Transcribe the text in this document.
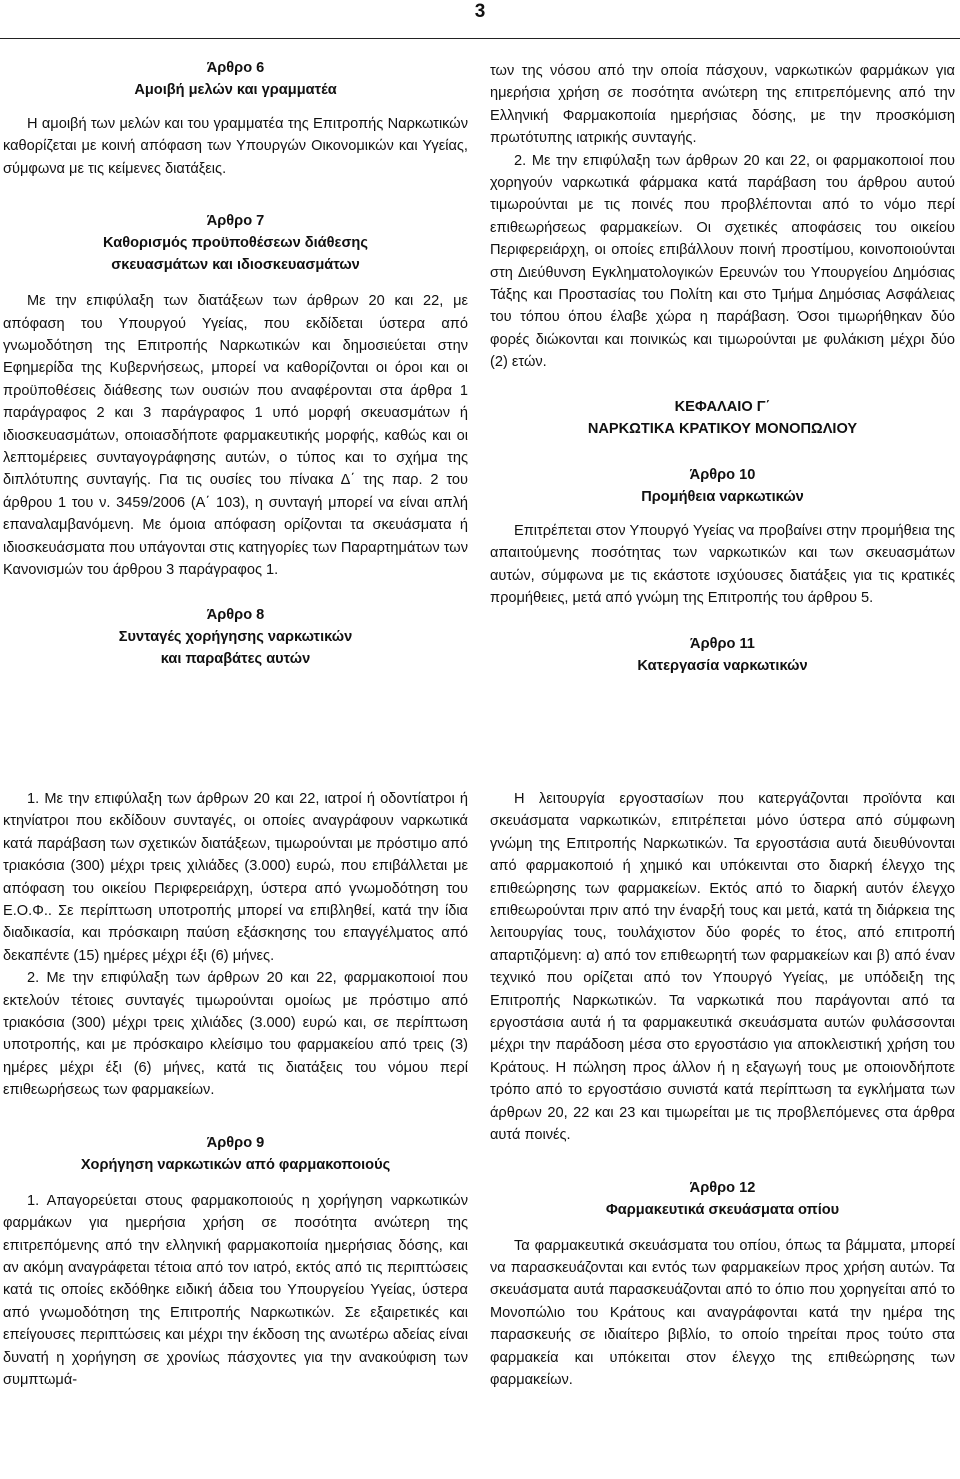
3
Άρθρο 6
Αμοιβή μελών και γραμματέα

Η αμοιβή των μελών και του γραμματέα της Επιτροπής Ναρκωτικών καθορίζεται με κοινή απόφαση των Υπουργών Οικονομικών και Υγείας, σύμφωνα με τις κείμενες διατάξεις.

Άρθρο 7
Καθορισμός προϋποθέσεων διάθεσης
σκευασμάτων και ιδιοσκευασμάτων

Με την επιφύλαξη των διατάξεων των άρθρων 20 και 22, με απόφαση του Υπουργού Υγείας, που εκδίδεται ύστερα από γνωμοδότηση της Επιτροπής Ναρκωτικών και δημοσιεύεται στην Εφημερίδα της Κυβερνήσεως, μπορεί να καθορίζονται οι όροι και οι προϋποθέσεις διάθεσης των ουσιών που αναφέρονται στα άρθρα 1 παράγραφος 2 και 3 παράγραφος 1 υπό μορφή σκευασμάτων ή ιδιοσκευασμάτων, οποιασδήποτε φαρμακευτικής μορφής, καθώς και οι λεπτομέρειες συνταγογράφησης αυτών, ο τύπος και το σχήμα της διπλότυπης συνταγής. Για τις ουσίες του πίνακα Δ΄ της παρ. 2 του άρθρου 1 του ν. 3459/2006 (Α΄ 103), η συνταγή μπορεί να είναι απλή επαναλαμβανόμενη. Με όμοια απόφαση ορίζονται τα σκευάσματα ή ιδιοσκευάσματα που υπάγονται στις κατηγορίες των Παραρτημάτων των Κανονισμών του άρθρου 3 παράγραφος 1.

Άρθρο 8
Συνταγές χορήγησης ναρκωτικών
και παραβάτες αυτών

1. Με την επιφύλαξη των άρθρων 20 και 22, ιατροί ή οδοντίατροι ή κτηνίατροι που εκδίδουν συνταγές, οι οποίες αναγράφουν ναρκωτικά κατά παράβαση των σχετικών διατάξεων, τιμωρούνται με πρόστιμο από τριακόσια (300) μέχρι τρεις χιλιάδες (3.000) ευρώ, που επιβάλλεται με απόφαση του οικείου Περιφερειάρχη, ύστερα από γνωμοδότηση του Ε.Ο.Φ.. Σε περίπτωση υποτροπής μπορεί να επιβληθεί, κατά την ίδια διαδικασία, και πρόσκαιρη παύση εξάσκησης του επαγγέλματος από δεκαπέντε (15) ημέρες μέχρι έξι (6) μήνες.

2. Με την επιφύλαξη των άρθρων 20 και 22, φαρμακοποιοί που εκτελούν τέτοιες συνταγές τιμωρούνται ομοίως με πρόστιμο από τριακόσια (300) μέχρι τρεις χιλιάδες (3.000) ευρώ και, σε περίπτωση υποτροπής, και με πρόσκαιρο κλείσιμο του φαρμακείου από τρεις (3) ημέρες μέχρι έξι (6) μήνες, κατά τις διατάξεις του νόμου περί επιθεωρήσεως των φαρμακείων.

Άρθρο 9
Χορήγηση ναρκωτικών από φαρμακοποιούς

1. Απαγορεύεται στους φαρμακοποιούς η χορήγηση ναρκωτικών φαρμάκων για ημερήσια χρήση σε ποσότητα ανώτερη της επιτρεπόμενης από την ελληνική φαρμακοποιία ημερήσιας δόσης, και αν ακόμη αναγράφεται τέτοια από τον ιατρό, εκτός από τις περιπτώσεις κατά τις οποίες εκδόθηκε ειδική άδεια του Υπουργείου Υγείας, ύστερα από γνωμοδότηση της Επιτροπής Ναρκωτικών. Σε εξαιρετικές και επείγουσες περιπτώσεις και μέχρι την έκδοση της ανωτέρω αδείας είναι δυνατή η χορήγηση σε χρονίως πάσχοντες για την ανακούφιση των συμπτωμά-

των της νόσου από την οποία πάσχουν, ναρκωτικών φαρμάκων για ημερήσια χρήση σε ποσότητα ανώτερη της επιτρεπόμενης από την Ελληνική Φαρμακοποιία ημερήσιας δόσης, με την προσκόμιση πρωτότυπης ιατρικής συνταγής.

2. Με την επιφύλαξη των άρθρων 20 και 22, οι φαρμακοποιοί που χορηγούν ναρκωτικά φάρμακα κατά παράβαση του άρθρου αυτού τιμωρούνται με τις ποινές που προβλέπονται από το νόμο περί επιθεωρήσεως φαρμακείων. Οι σχετικές αποφάσεις του οικείου Περιφερειάρχη, οι οποίες επιβάλλουν ποινή προστίμου, κοινοποιούνται στη Διεύθυνση Εγκληματολογικών Ερευνών του Υπουργείου Δημόσιας Τάξης και Προστασίας του Πολίτη και στο Τμήμα Δημόσιας Ασφάλειας του τόπου όπου έλαβε χώρα η παράβαση. Όσοι τιμωρήθηκαν δύο φορές διώκονται και ποινικώς και τιμωρούνται με φυλάκιση μέχρι δύο (2) ετών.

ΚΕΦΑΛΑΙΟ Γ΄
ΝΑΡΚΩΤΙΚΑ ΚΡΑΤΙΚΟΥ ΜΟΝΟΠΩΛΙΟΥ
Άρθρο 10
Προμήθεια ναρκωτικών

Επιτρέπεται στον Υπουργό Υγείας να προβαίνει στην προμήθεια της απαιτούμενης ποσότητας των ναρκωτικών και των σκευασμάτων αυτών, σύμφωνα με τις εκάστοτε ισχύουσες διατάξεις για τις κρατικές προμήθειες, μετά από γνώμη της Επιτροπής του άρθρου 5.

Άρθρο 11
Κατεργασία ναρκωτικών

Η λειτουργία εργοστασίων που κατεργάζονται προϊόντα και σκευάσματα ναρκωτικών, επιτρέπεται μόνο ύστερα από σύμφωνη γνώμη της Επιτροπής Ναρκωτικών. Τα εργοστάσια αυτά διευθύνονται από φαρμακοποιό ή χημικό και υπόκεινται στο διαρκή έλεγχο της επιθεώρησης των φαρμακείων. Εκτός από το διαρκή αυτόν έλεγχο επιθεωρούνται πριν από την έναρξή τους και μετά, κατά τη διάρκεια της λειτουργίας τους, τουλάχιστον δύο φορές το έτος, από επιτροπή απαρτιζόμενη: α) από τον επιθεωρητή των φαρμακείων και β) από έναν τεχνικό που ορίζεται από τον Υπουργό Υγείας, με υπόδειξη της Επιτροπής Ναρκωτικών. Τα ναρκωτικά που παράγονται από τα εργοστάσια αυτά ή τα φαρμακευτικά σκευάσματα αυτών φυλάσσονται μέχρι την παράδοση μέσα στο εργοστάσιο για αποκλειστική χρήση του Κράτους. Η πώληση προς άλλον ή η εξαγωγή τους με οποιονδήποτε τρόπο από το εργοστάσιο συνιστά κατά περίπτωση τα εγκλήματα των άρθρων 20, 22 και 23 και τιμωρείται με τις προβλεπόμενες στα άρθρα αυτά ποινές.

Άρθρο 12
Φαρμακευτικά σκευάσματα οπίου

Τα φαρμακευτικά σκευάσματα του οπίου, όπως τα βάμματα, μπορεί να παρασκευάζονται και εντός των φαρμακείων προς χρήση αυτών. Τα σκευάσματα αυτά παρασκευάζονται από το όπιο που χορηγείται από το Μονοπώλιο του Κράτους και αναγράφονται κατά την ημέρα της παρασκευής σε ιδιαίτερο βιβλίο, το οποίο τηρείται προς τούτο στα φαρμακεία και υπόκειται στον έλεγχο της επιθεώρησης των φαρμακείων.
